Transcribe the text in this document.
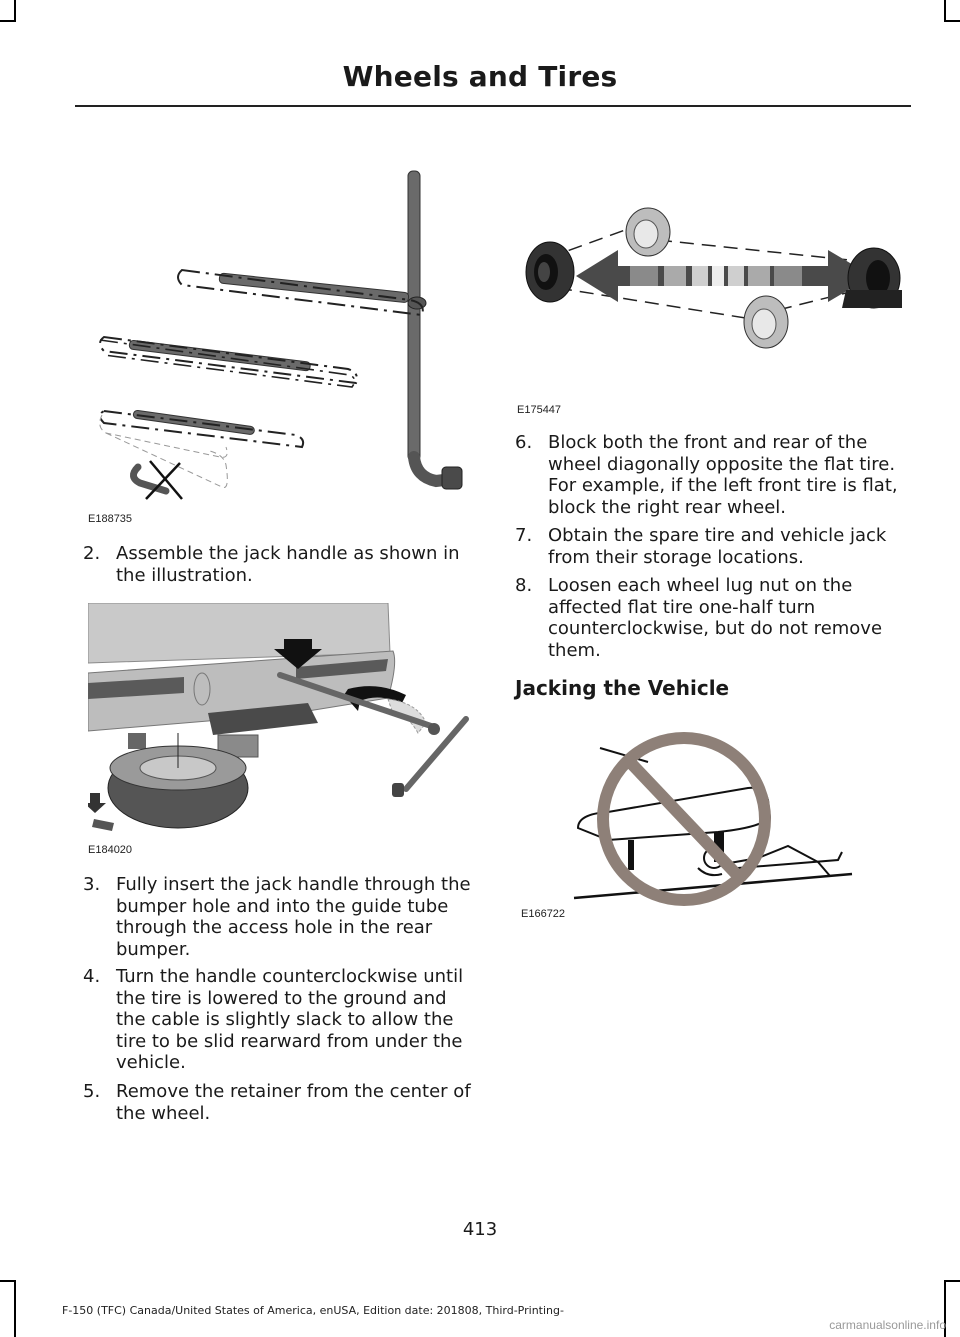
Wheels and Tires
E188735
2. Assemble the jack handle as shown in the illustration.
E184020
3. Fully insert the jack handle through the bumper hole and into the guide tube through the access hole in the rear bumper.
4. Turn the handle counterclockwise until the tire is lowered to the ground and the cable is slightly slack to allow the tire to be slid rearward from under the vehicle.
5. Remove the retainer from the center of the wheel.
E175447
6. Block both the front and rear of the wheel diagonally opposite the flat tire. For example, if the left front tire is flat, block the right rear wheel.
7. Obtain the spare tire and vehicle jack from their storage locations.
8. Loosen each wheel lug nut on the affected flat tire one-half turn counterclockwise, but do not remove them.
Jacking the Vehicle
E166722
413
F-150 (TFC) Canada/United States of America, enUSA, Edition date: 201808, Third-Printing-
carmanualsonline.info
